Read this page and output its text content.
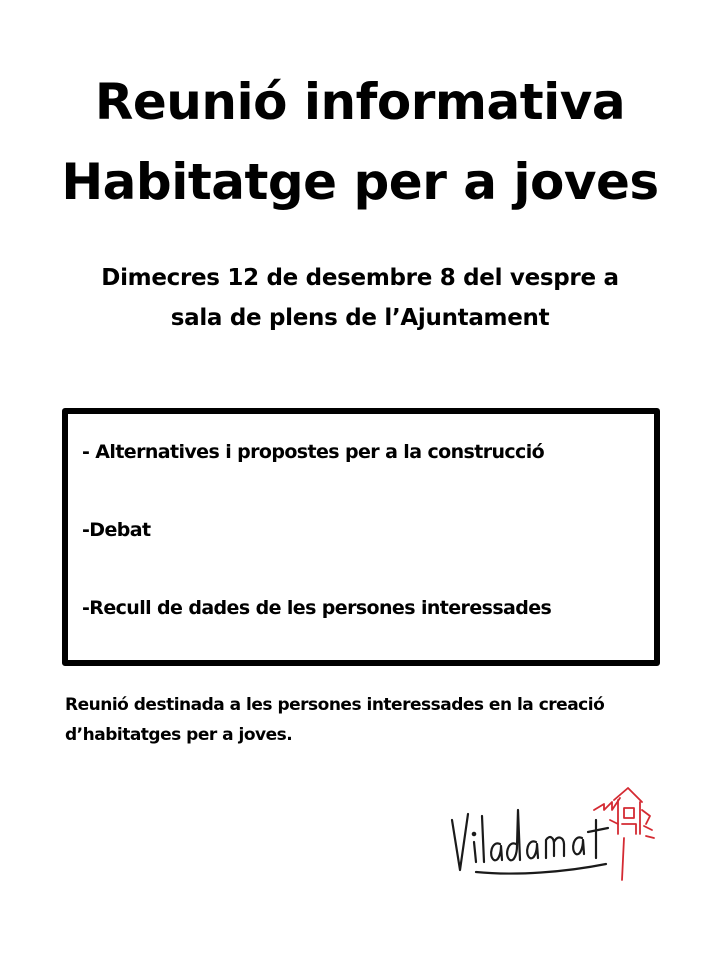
Reunió informativa
Habitatge per a joves
Dimecres 12 de desembre 8 del vespre a
sala de plens de l’Ajuntament
- Alternatives i propostes per a la construcció
-Debat
-Recull de dades de les persones interessades
Reunió destinada a les persones interessades en la creació
d’habitatges per a joves.
